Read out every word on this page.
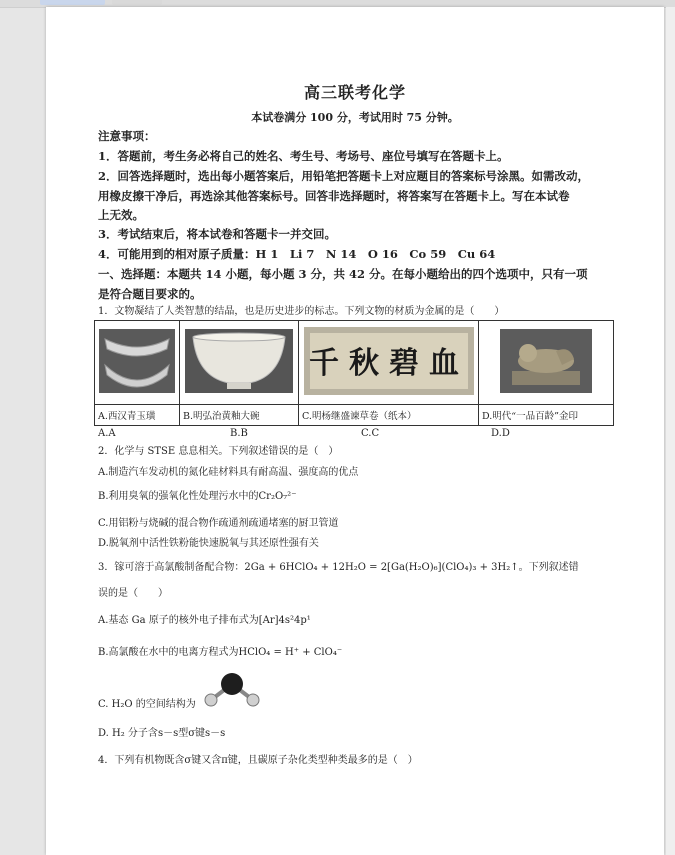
高三联考化学
本试卷满分 100 分，考试用时 75 分钟。
注意事项：
1．答题前，考生务必将自己的姓名、考生号、考场号、座位号填写在答题卡上。
2．回答选择题时，选出每小题答案后，用铅笔把答题卡上对应题目的答案标号涂黑。如需改动，
用橡皮擦干净后，再选涂其他答案标号。回答非选择题时，将答案写在答题卡上。写在本试卷
上无效。
3．考试结束后，将本试卷和答题卡一并交回。
4．可能用到的相对原子质量：H 1　Li 7　N 14　O 16　Co 59　Cu 64
一、选择题：本题共 14 小题，每小题 3 分，共 42 分。在每小题给出的四个选项中，只有一项
是符合题目要求的。
1．文物凝结了人类智慧的结晶，也是历史进步的标志。下列文物的材质为金属的是（　　）

千秋碧血

A.西汉青玉璜	B.明弘治黄釉大碗	C.明杨继盛谏草卷（纸本）	D.明代“一品百龄”金印
A.A	B.B	C.C	D.D
2．化学与 STSE 息息相关。下列叙述错误的是（　）
A.制造汽车发动机的氮化硅材料具有耐高温、强度高的优点
B.利用臭氧的强氧化性处理污水中的Cr₂O₇²⁻
C.用铝粉与烧碱的混合物作疏通剂疏通堵塞的厨卫管道
D.脱氧剂中活性铁粉能快速脱氧与其还原性强有关
3．镓可溶于高氯酸制备配合物：2Ga + 6HClO₄ + 12H₂O = 2[Ga(H₂O)₆](ClO₄)₃ + 3H₂↑。下列叙述错
误的是（　　）
A.基态 Ga 原子的核外电子排布式为[Ar]4s²4p¹
B.高氯酸在水中的电离方程式为HClO₄ = H⁺ + ClO₄⁻
C. H₂O 的空间结构为
D. H₂ 分子含s－s型σ键s－s
4．下列有机物既含σ键又含π键，且碳原子杂化类型种类最多的是（　）
